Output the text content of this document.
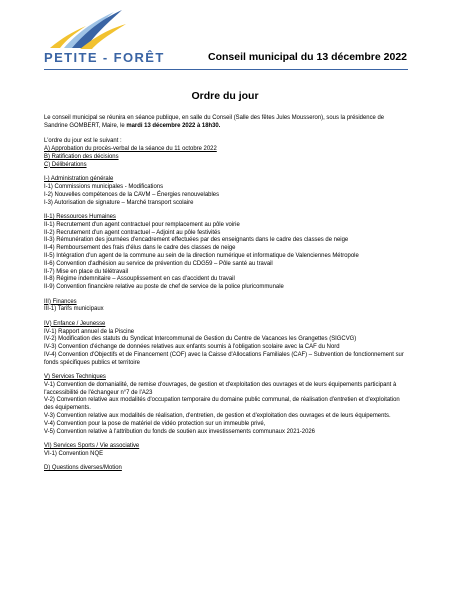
PETITE - FORÊT	Conseil municipal du 13 décembre 2022
Ordre du jour

Le conseil municipal se réunira en séance publique, en salle du Conseil (Salle des fêtes Jules Mousseron), sous la présidence de Sandrine GOMBERT, Maire, le mardi 13 décembre 2022 à 18h30.

L'ordre du jour est le suivant :

A) Approbation du procès-verbal de la séance du 11 octobre 2022

B) Ratification des décisions

C) Délibérations

I-) Administration générale

I-1) Commissions municipales - Modifications

I-2) Nouvelles compétences de la CAVM – Énergies renouvelables

I-3) Autorisation de signature – Marché transport scolaire

II-1) Ressources Humaines

II-1) Recrutement d'un agent contractuel pour remplacement au pôle voirie

II-2) Recrutement d'un agent contractuel – Adjoint au pôle festivités

II-3) Rémunération des journées d'encadrement effectuées par des enseignants dans le cadre des classes de neige

II-4) Remboursement des frais d'élus dans le cadre des classes de neige

II-5) Intégration d'un agent de la commune au sein de la direction numérique et informatique de Valenciennes Métropole

II-6) Convention d'adhésion au service de prévention du CDG59 – Pôle santé au travail

II-7) Mise en place du télétravail

II-8) Régime indemnitaire – Assouplissement en cas d'accident du travail

II-9) Convention financière relative au poste de chef de service de la police pluricommunale

III) Finances

III-1) Tarifs municipaux

IV) Enfance / Jeunesse

IV-1) Rapport annuel de la Piscine

IV-2) Modification des statuts du Syndicat Intercommunal de Gestion du Centre de Vacances les Grangettes (SIGCVG)

IV-3) Convention d'échange de données relatives aux enfants soumis à l'obligation scolaire avec la CAF du Nord

IV-4) Convention d'Objectifs et de Financement (COF) avec la Caisse d'Allocations Familiales (CAF) – Subvention de fonctionnement sur fonds spécifiques publics et territoire

V) Services Techniques

V-1) Convention de domanialité, de remise d'ouvrages, de gestion et d'exploitation des ouvrages et de leurs équipements participant à l'accessibilité de l'échangeur n°7 de l'A23

V-2) Convention relative aux modalités d'occupation temporaire du domaine public communal, de réalisation d'entretien et d'exploitation des équipements.

V-3) Convention relative aux modalités de réalisation, d'entretien, de gestion et d'exploitation des ouvrages et de leurs équipements.

V-4) Convention pour la pose de matériel de vidéo protection sur un immeuble privé,

V-5) Convention relative à l'attribution du fonds de soutien aux investissements communaux 2021-2026

VI) Services Sports / Vie associative

VI-1) Convention NQE

D) Questions diverses/Motion
